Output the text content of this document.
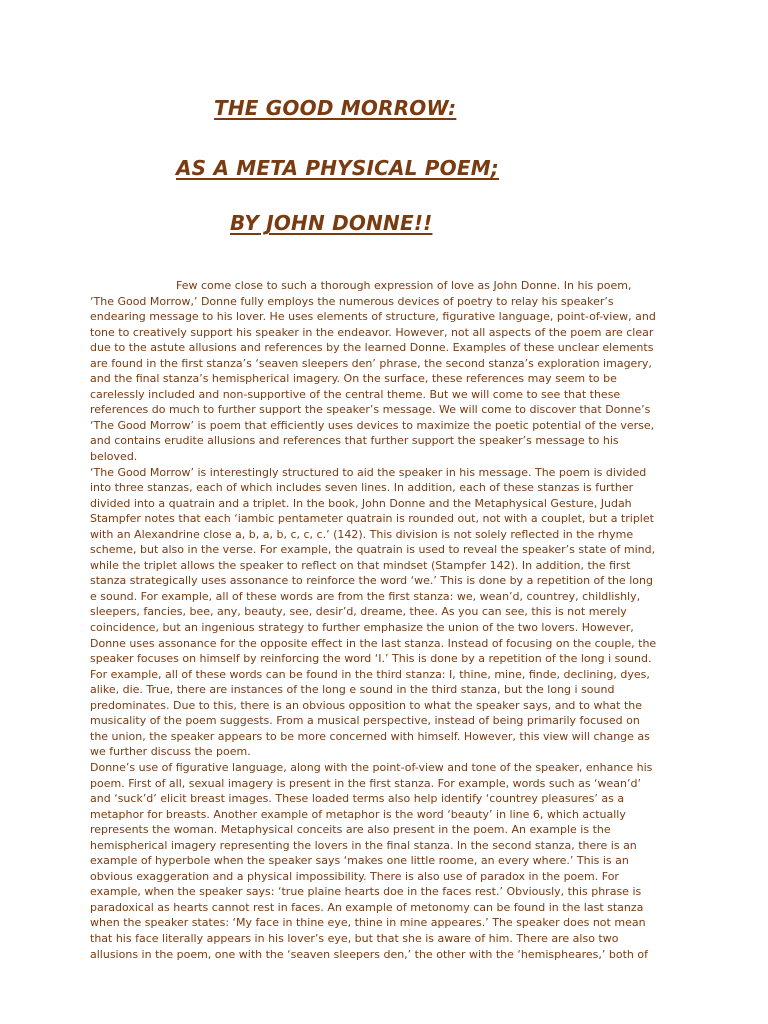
THE GOOD MORROW:
AS A META PHYSICAL POEM;
BY JOHN DONNE!!
Few come close to such a thorough expression of love as John Donne. In his poem,
‘The Good Morrow,’ Donne fully employs the numerous devices of poetry to relay his speaker’s
endearing message to his lover. He uses elements of structure, figurative language, point-of-view, and
tone to creatively support his speaker in the endeavor. However, not all aspects of the poem are clear
due to the astute allusions and references by the learned Donne. Examples of these unclear elements
are found in the first stanza’s ‘seaven sleepers den’ phrase, the second stanza’s exploration imagery,
and the final stanza’s hemispherical imagery. On the surface, these references may seem to be
carelessly included and non-supportive of the central theme. But we will come to see that these
references do much to further support the speaker’s message. We will come to discover that Donne’s
‘The Good Morrow’ is poem that efficiently uses devices to maximize the poetic potential of the verse,
and contains erudite allusions and references that further support the speaker’s message to his
beloved.
‘The Good Morrow’ is interestingly structured to aid the speaker in his message. The poem is divided
into three stanzas, each of which includes seven lines. In addition, each of these stanzas is further
divided into a quatrain and a triplet. In the book, John Donne and the Metaphysical Gesture, Judah
Stampfer notes that each ‘iambic pentameter quatrain is rounded out, not with a couplet, but a triplet
with an Alexandrine close a, b, a, b, c, c, c.’ (142). This division is not solely reflected in the rhyme
scheme, but also in the verse. For example, the quatrain is used to reveal the speaker’s state of mind,
while the triplet allows the speaker to reflect on that mindset (Stampfer 142). In addition, the first
stanza strategically uses assonance to reinforce the word ‘we.’ This is done by a repetition of the long
e sound. For example, all of these words are from the first stanza: we, wean’d, countrey, childlishly,
sleepers, fancies, bee, any, beauty, see, desir’d, dreame, thee. As you can see, this is not merely
coincidence, but an ingenious strategy to further emphasize the union of the two lovers. However,
Donne uses assonance for the opposite effect in the last stanza. Instead of focusing on the couple, the
speaker focuses on himself by reinforcing the word ‘I.’ This is done by a repetition of the long i sound.
For example, all of these words can be found in the third stanza: I, thine, mine, finde, declining, dyes,
alike, die. True, there are instances of the long e sound in the third stanza, but the long i sound
predominates. Due to this, there is an obvious opposition to what the speaker says, and to what the
musicality of the poem suggests. From a musical perspective, instead of being primarily focused on
the union, the speaker appears to be more concerned with himself. However, this view will change as
we further discuss the poem.
Donne’s use of figurative language, along with the point-of-view and tone of the speaker, enhance his
poem. First of all, sexual imagery is present in the first stanza. For example, words such as ‘wean’d’
and ‘suck’d’ elicit breast images. These loaded terms also help identify ‘countrey pleasures’ as a
metaphor for breasts. Another example of metaphor is the word ‘beauty’ in line 6, which actually
represents the woman. Metaphysical conceits are also present in the poem. An example is the
hemispherical imagery representing the lovers in the final stanza. In the second stanza, there is an
example of hyperbole when the speaker says ‘makes one little roome, an every where.’ This is an
obvious exaggeration and a physical impossibility. There is also use of paradox in the poem. For
example, when the speaker says: ‘true plaine hearts doe in the faces rest.’ Obviously, this phrase is
paradoxical as hearts cannot rest in faces. An example of metonomy can be found in the last stanza
when the speaker states: ‘My face in thine eye, thine in mine appeares.’ The speaker does not mean
that his face literally appears in his lover’s eye, but that she is aware of him. There are also two
allusions in the poem, one with the ‘seaven sleepers den,’ the other with the ‘hemispheares,’ both of
